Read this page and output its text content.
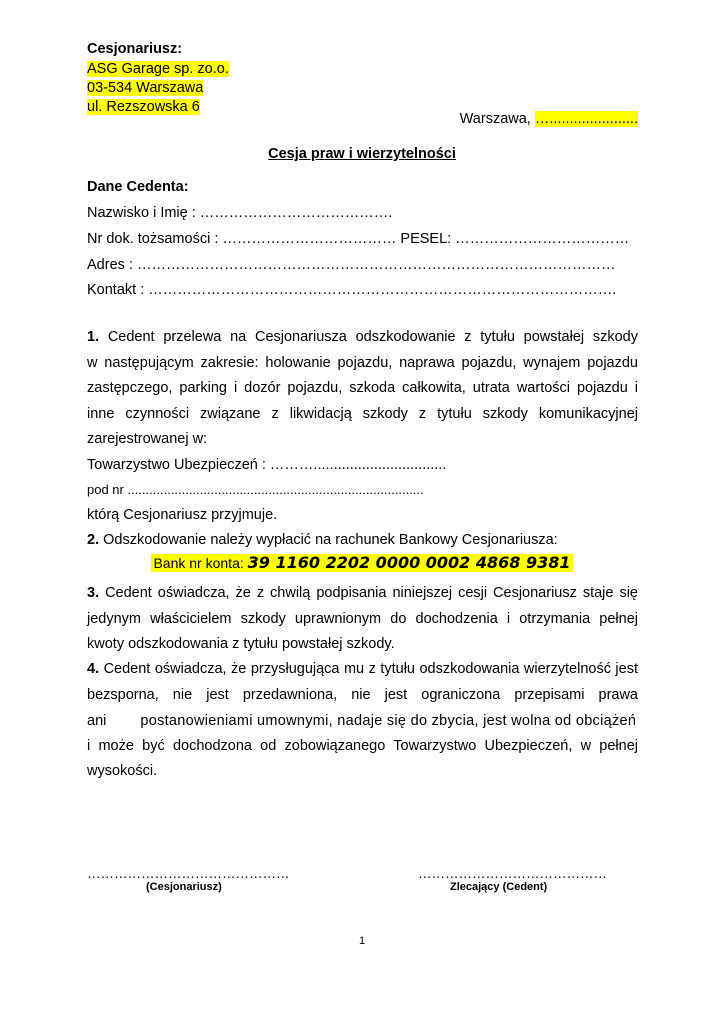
Cesjonariusz:
ASG Garage sp. zo.o.
03-534 Warszawa
ul. Rezszowska 6
Warszawa, …......................
Cesja praw i wierzytelności
Dane Cedenta:
Nazwisko i Imię : ………………………………….
Nr dok. tożsamości : ……………………………… PESEL: ………………………………
Adres : ………………………………………………………………………………………
Kontakt : …………………………………………………………………………………….
1. Cedent przelewa na Cesjonariusza odszkodowanie z tytułu powstałej szkody
w następującym zakresie: holowanie pojazdu, naprawa pojazdu, wynajem pojazdu
zastępczego, parking i dozór pojazdu, szkoda całkowita, utrata wartości pojazdu i
inne czynności związane z likwidacją szkody z tytułu szkody komunikacyjnej
zarejestrowanej w:
Towarzystwo Ubezpieczeń : ……….................................
pod nr ..................................................................................
którą Cesjonariusz przyjmuje.
2. Odszkodowanie należy wypłacić na rachunek Bankowy Cesjonariusza:
Bank nr konta: 39 1160 2202 0000 0002 4868 9381
3. Cedent oświadcza, że z chwilą podpisania niniejszej cesji Cesjonariusz staje się
jedynym właścicielem szkody uprawnionym do dochodzenia i otrzymania pełnej
kwoty odszkodowania z tytułu powstałej szkody.
4. Cedent oświadcza, że przysługująca mu z tytułu odszkodowania wierzytelność jest
bezsporna, nie jest przedawniona, nie jest ograniczona przepisami prawa
ani postanowieniami umownymi, nadaje się do zbycia, jest wolna od obciążeń
i może być dochodzona od zobowiązanego Towarzystwo Ubezpieczeń, w pełnej
wysokości.
………………………………………
(Cesjonariusz)
……………………………………
Zlecający (Cedent)
1
